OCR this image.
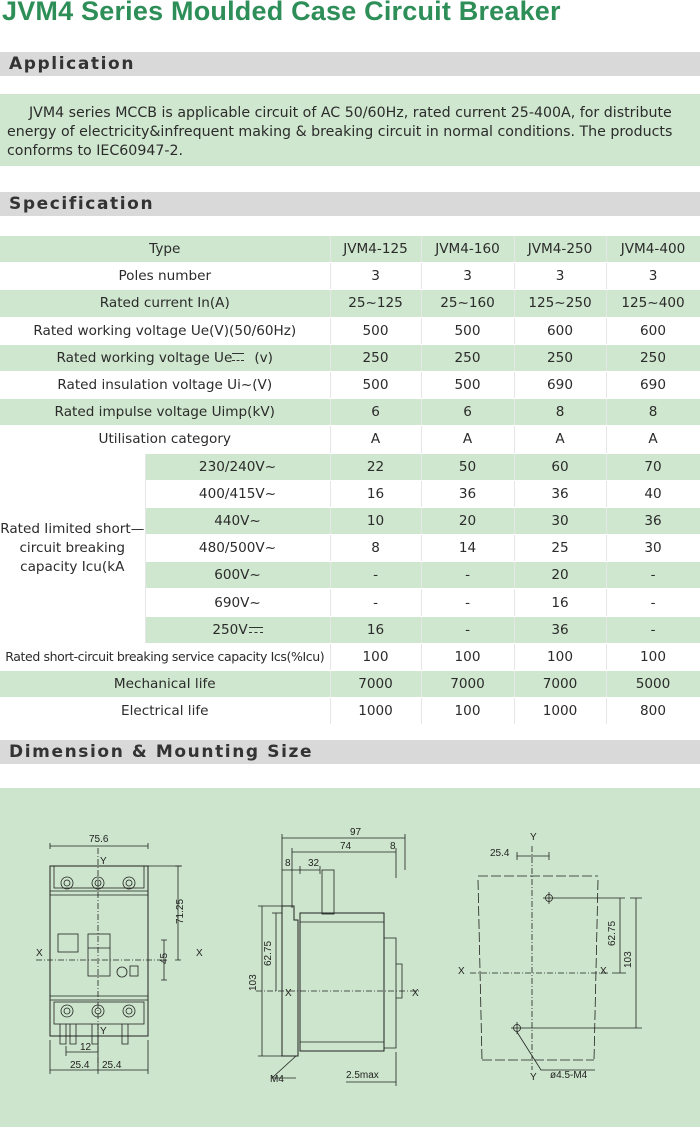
JVM4 Series Moulded Case Circuit Breaker
Application
JVM4 series MCCB is applicable circuit of AC 50/60Hz, rated current 25-400A, for distribute energy of electricity&infrequent making & breaking circuit in normal conditions. The products conforms to IEC60947-2.
Specification
Type		JVM4-125	JVM4-160	JVM4-250	JVM4-400
Poles number		3	3	3	3
Rated current In(A)		25~125	25~160	125~250	125~400
Rated working voltage Ue(V)(50/60Hz)		500	500	600	600
Rated working voltage Ue (v)		250	250	250	250
Rated insulation voltage Ui~(V)		500	500	690	690
Rated impulse voltage Uimp(kV)		6	6	8	8
Utilisation category		A	A	A	A
Rated Iimited short—circuit breaking capacity Icu(kA	230/240V~	22	50	60	70
	400/415V~	16	36	36	40
	440V~	10	20	30	36
	480/500V~	8	14	25	30
	600V~	-	-	20	-
	690V~	-	-	16	-
	250V	16	-	36	-
Rated short-circuit breaking service capacity Ics(%Icu)		100	100	100	100
MechanicaI life		7000	7000	7000	5000
Electrical life		1000	100	1000	800
Dimension & Mounting Size
75.6
Y
Y
X	X
71.25
45
12
25.4 25.4
97
74
8
8
32
103
62.75
X	X
M4	2.5max
Y
Y
X	X
25.4
62.75
103
ø4.5-M4
